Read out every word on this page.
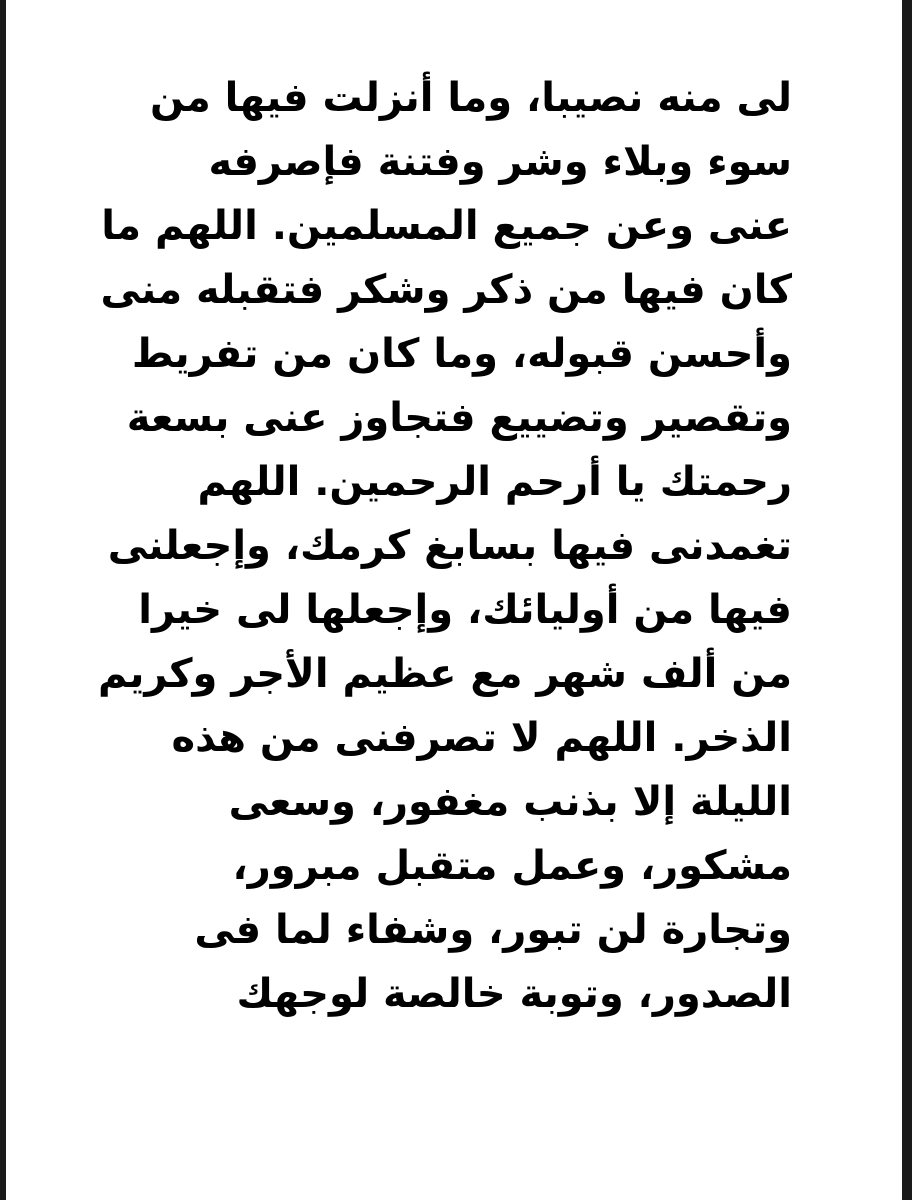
لى منه نصيبا، وما أنزلت فيها من
سوء وبلاء وشر وفتنة فإصرفه
عنى وعن جميع المسلمين. اللهم ما
كان فيها من ذكر وشكر فتقبله منى
وأحسن قبوله، وما كان من تفريط
وتقصير وتضييع فتجاوز عنى بسعة
رحمتك يا أرحم الرحمين. اللهم
تغمدنى فيها بسابغ كرمك، وإجعلنى
فيها من أوليائك، وإجعلها لى خيرا
من ألف شهر مع عظيم الأجر وكريم
الذخر. اللهم لا تصرفنى من هذه
الليلة إلا بذنب مغفور، وسعى
مشكور، وعمل متقبل مبرور،
وتجارة لن تبور، وشفاء لما فى
الصدور، وتوبة خالصة لوجهك
